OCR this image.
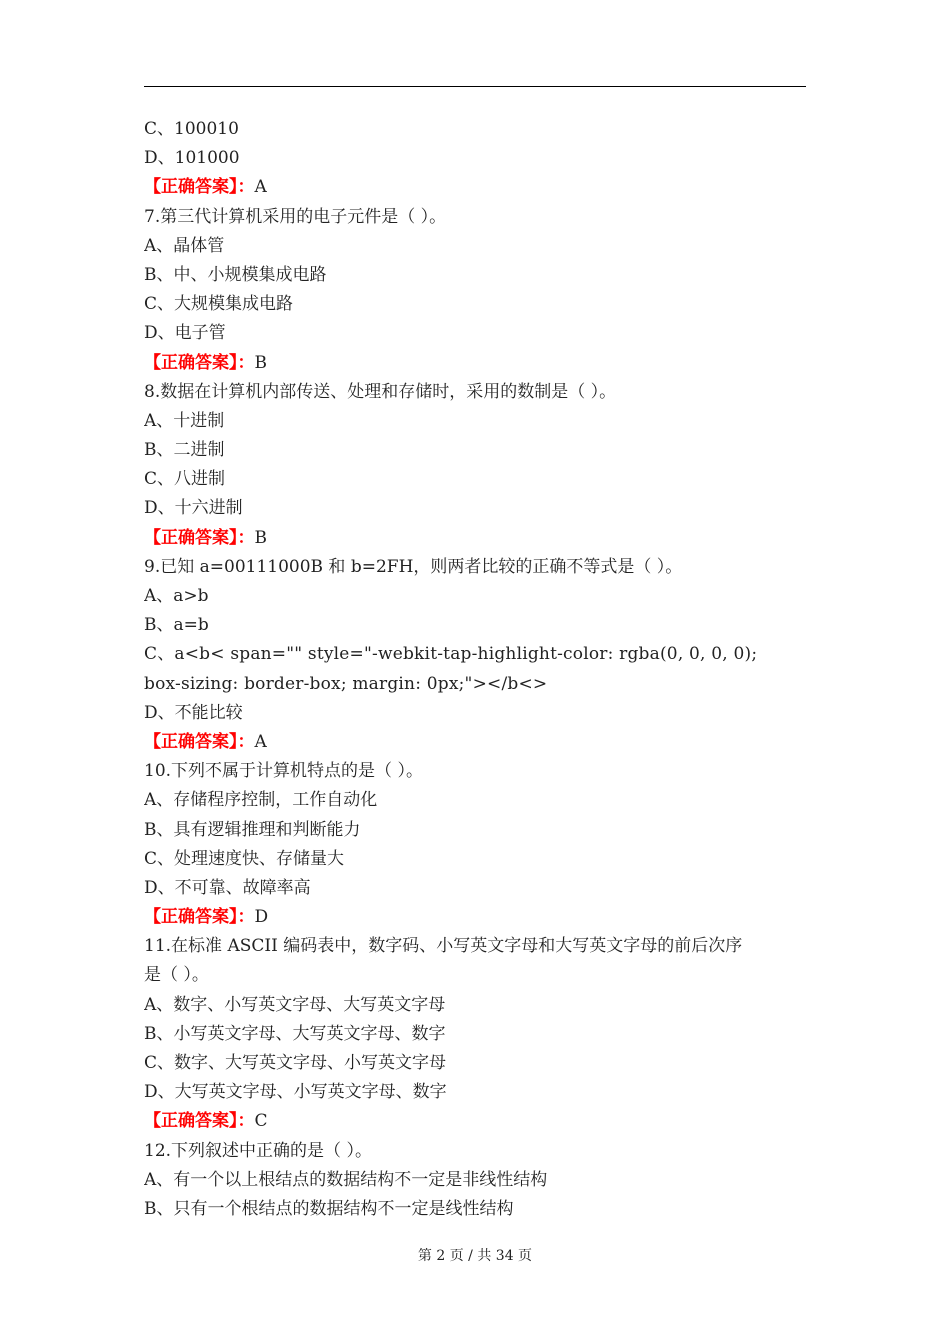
C、100010
D、101000
【正确答案】：A
7.第三代计算机采用的电子元件是（ ）。
A、晶体管
B、中、小规模集成电路
C、大规模集成电路
D、电子管
【正确答案】：B
8.数据在计算机内部传送、处理和存储时，采用的数制是（ ）。
A、十进制
B、二进制
C、八进制
D、十六进制
【正确答案】：B
9.已知 a=00111000B 和 b=2FH，则两者比较的正确不等式是（ ）。
A、a>b
B、a=b
C、a<b< span="" style="-webkit-tap-highlight-color: rgba(0, 0, 0, 0);
box-sizing: border-box; margin: 0px;"></b<>
D、不能比较
【正确答案】：A
10.下列不属于计算机特点的是（ ）。
A、存储程序控制，工作自动化
B、具有逻辑推理和判断能力
C、处理速度快、存储量大
D、不可靠、故障率高
【正确答案】：D
11.在标准 ASCII 编码表中，数字码、小写英文字母和大写英文字母的前后次序
是（ ）。
A、数字、小写英文字母、大写英文字母
B、小写英文字母、大写英文字母、数字
C、数字、大写英文字母、小写英文字母
D、大写英文字母、小写英文字母、数字
【正确答案】：C
12.下列叙述中正确的是（ ）。
A、有一个以上根结点的数据结构不一定是非线性结构
B、只有一个根结点的数据结构不一定是线性结构
第 2 页 / 共 34 页
